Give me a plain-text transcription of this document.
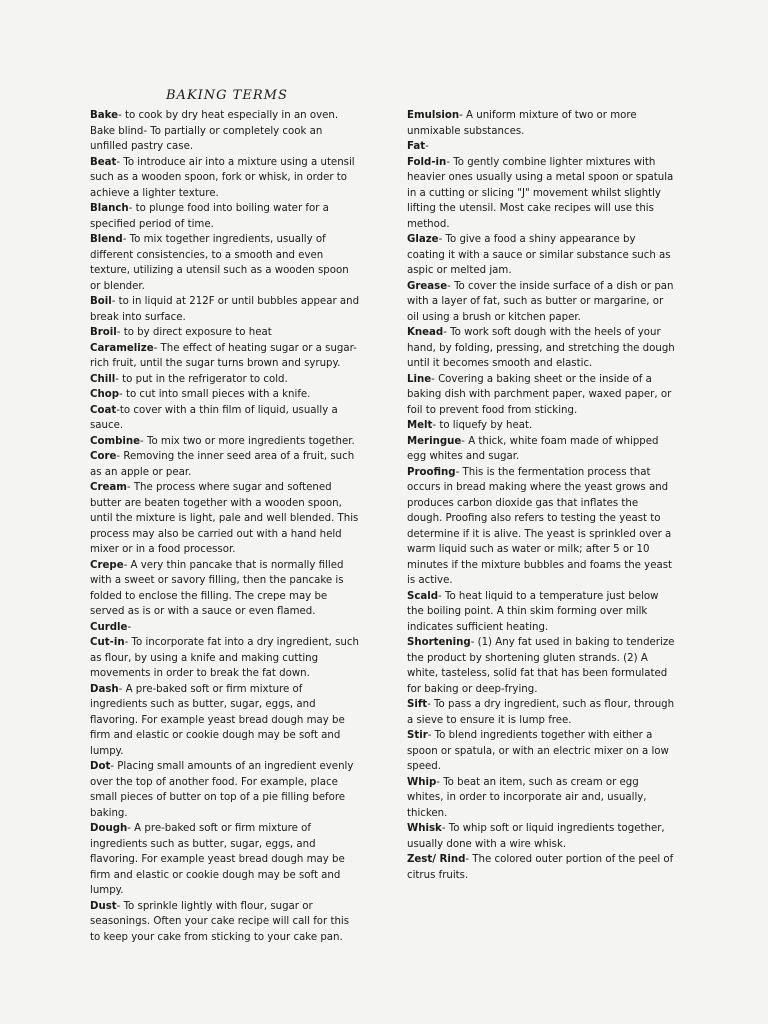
BAKING TERMS

Bake- to cook by dry heat especially in an oven.

Bake blind- To partially or completely cook an unfilled pastry case.

Beat- To introduce air into a mixture using a utensil such as a wooden spoon, fork or whisk, in order to achieve a lighter texture.

Blanch- to plunge food into boiling water for a specified period of time.

Blend- To mix together ingredients, usually of different consistencies, to a smooth and even texture, utilizing a utensil such as a wooden spoon or blender.

Boil- to in liquid at 212F or until bubbles appear and break into surface.

Broil- to by direct exposure to heat

Caramelize- The effect of heating sugar or a sugar-rich fruit, until the sugar turns brown and syrupy.

Chill- to put in the refrigerator to cold.

Chop- to cut into small pieces with a knife.

Coat-to cover with a thin film of liquid, usually a sauce.

Combine- To mix two or more ingredients together.

Core- Removing the inner seed area of a fruit, such as an apple or pear.

Cream- The process where sugar and softened butter are beaten together with a wooden spoon, until the mixture is light, pale and well blended. This process may also be carried out with a hand held mixer or in a food processor.

Crepe- A very thin pancake that is normally filled with a sweet or savory filling, then the pancake is folded to enclose the filling. The crepe may be served as is or with a sauce or even flamed.

Curdle-

Cut-in- To incorporate fat into a dry ingredient, such as flour, by using a knife and making cutting movements in order to break the fat down.

Dash- A pre-baked soft or firm mixture of ingredients such as butter, sugar, eggs, and flavoring. For example yeast bread dough may be firm and elastic or cookie dough may be soft and lumpy.

Dot- Placing small amounts of an ingredient evenly over the top of another food. For example, place small pieces of butter on top of a pie filling before baking.

Dough- A pre-baked soft or firm mixture of ingredients such as butter, sugar, eggs, and flavoring. For example yeast bread dough may be firm and elastic or cookie dough may be soft and lumpy.

Dust- To sprinkle lightly with flour, sugar or seasonings. Often your cake recipe will call for this to keep your cake from sticking to your cake pan.

Emulsion- A uniform mixture of two or more unmixable substances.

Fat-

Fold-in- To gently combine lighter mixtures with heavier ones usually using a metal spoon or spatula in a cutting or slicing "J" movement whilst slightly lifting the utensil. Most cake recipes will use this method.

Glaze- To give a food a shiny appearance by coating it with a sauce or similar substance such as aspic or melted jam.

Grease- To cover the inside surface of a dish or pan with a layer of fat, such as butter or margarine, or oil using a brush or kitchen paper.

Knead- To work soft dough with the heels of your hand, by folding, pressing, and stretching the dough until it becomes smooth and elastic.

Line- Covering a baking sheet or the inside of a baking dish with parchment paper, waxed paper, or foil to prevent food from sticking.

Melt- to liquefy by heat.

Meringue- A thick, white foam made of whipped egg whites and sugar.

Proofing- This is the fermentation process that occurs in bread making where the yeast grows and produces carbon dioxide gas that inflates the dough. Proofing also refers to testing the yeast to determine if it is alive. The yeast is sprinkled over a warm liquid such as water or milk; after 5 or 10 minutes if the mixture bubbles and foams the yeast is active.

Scald- To heat liquid to a temperature just below the boiling point. A thin skim forming over milk indicates sufficient heating.

Shortening- (1) Any fat used in baking to tenderize the product by shortening gluten strands. (2) A white, tasteless, solid fat that has been formulated for baking or deep-frying.

Sift- To pass a dry ingredient, such as flour, through a sieve to ensure it is lump free.

Stir- To blend ingredients together with either a spoon or spatula, or with an electric mixer on a low speed.

Whip- To beat an item, such as cream or egg whites, in order to incorporate air and, usually, thicken.

Whisk- To whip soft or liquid ingredients together, usually done with a wire whisk.

Zest/ Rind- The colored outer portion of the peel of citrus fruits.
